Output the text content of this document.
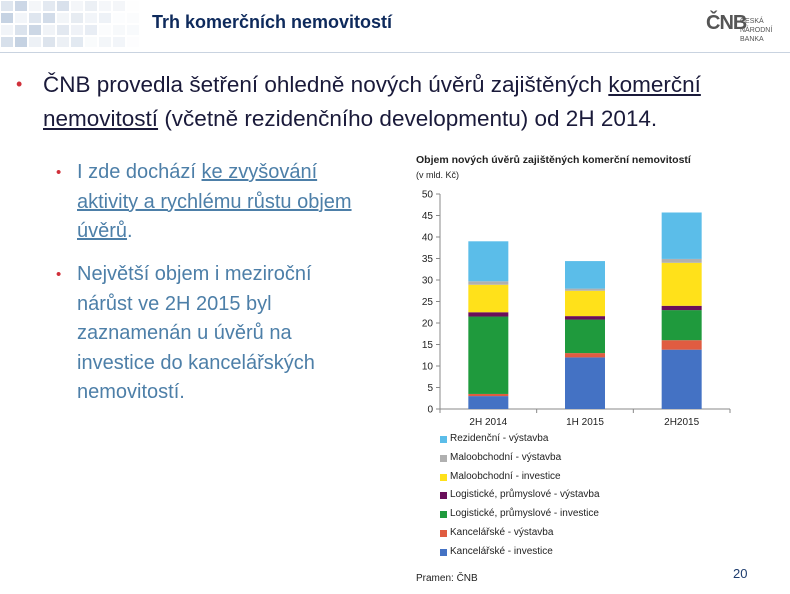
Trh komerčních nemovitostí	ČNB
ČESKÁ
NÁRODNÍ BANKA
• ČNB provedla šetření ohledně nových úvěrů zajištěných komerční nemovitostí (včetně rezidenčního developmentu) od 2H 2014.
• I zde dochází ke zvyšování aktivity a rychlému růstu objem úvěrů.
• Největší objem i meziroční nárůst ve 2H 2015 byl zaznamenán u úvěrů na investice do kancelářských nemovitostí.
Objem nových úvěrů zajištěných komerční nemovitostí
(v mld. Kč)
0
5
10
15
20
25
30
35
40
45
50
2H 2014	1H 2015	2H2015
Rezidenční - výstavba
Maloobchodní - výstavba
Maloobchodní - investice
Logistické, průmyslové - výstavba
Logistické, průmyslové - investice
Kancelářské - výstavba
Kancelářské - investice
Pramen: ČNB	20
